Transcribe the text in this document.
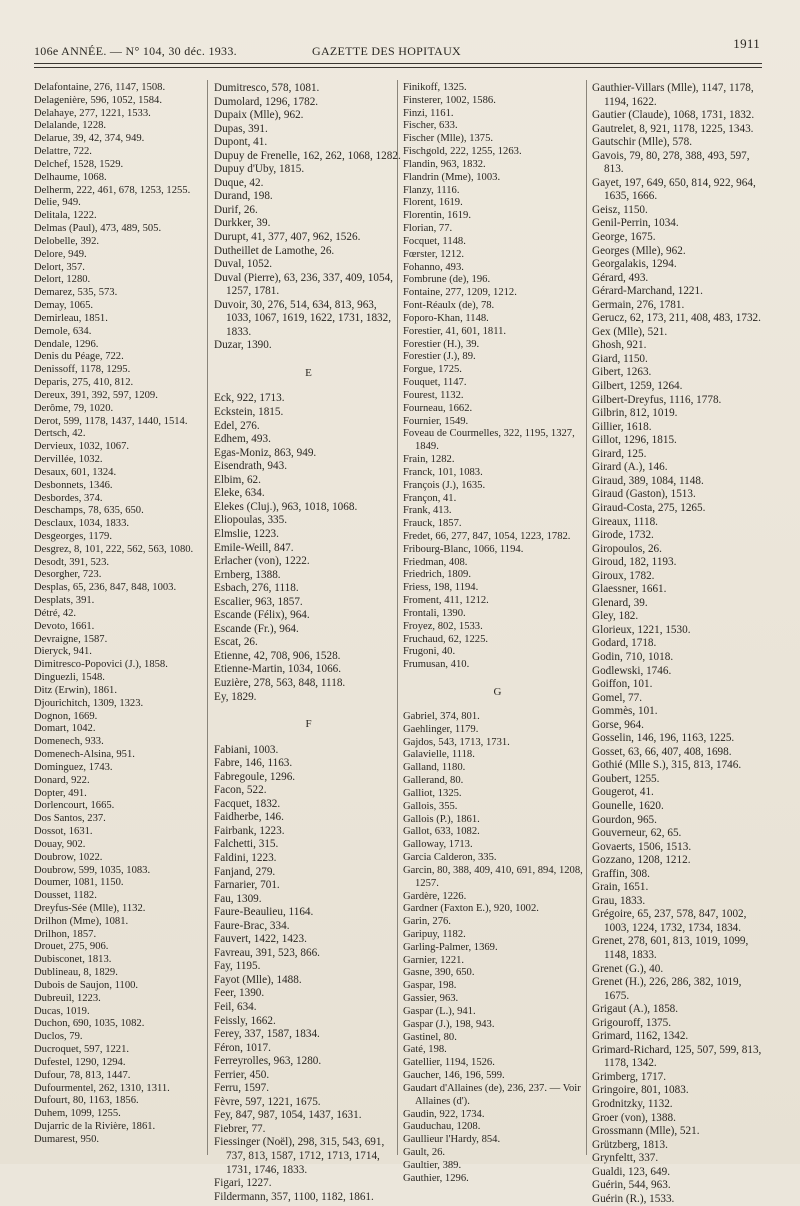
106e ANNÉE. — N° 104, 30 déc. 1933.	GAZETTE DES HOPITAUX	1911
Delafontaine, 276, 1147, 1508.
Delagenière, 596, 1052, 1584.
Delahaye, 277, 1221, 1533.
Delalande, 1228.
Delarue, 39, 42, 374, 949.
Delattre, 722.
Delchef, 1528, 1529.
Delhaume, 1068.
Delherm, 222, 461, 678, 1253, 1255.
Delie, 949.
Delitala, 1222.
Delmas (Paul), 473, 489, 505.
Delobelle, 392.
Delore, 949.
Delort, 357.
Delort, 1280.
Demarez, 535, 573.
Demay, 1065.
Demirleau, 1851.
Demole, 634.
Dendale, 1296.
Denis du Péage, 722.
Denissoff, 1178, 1295.
Deparis, 275, 410, 812.
Dereux, 391, 392, 597, 1209.
Derôme, 79, 1020.
Derot, 599, 1178, 1437, 1440, 1514.
Dertsch, 42.
Dervieux, 1032, 1067.
Dervillée, 1032.
Desaux, 601, 1324.
Desbonnets, 1346.
Desbordes, 374.
Deschamps, 78, 635, 650.
Desclaux, 1034, 1833.
Desgeorges, 1179.
Desgrez, 8, 101, 222, 562, 563, 1080.
Desodt, 391, 523.
Desorgher, 723.
Desplas, 65, 236, 847, 848, 1003.
Desplats, 391.
Détré, 42.
Devoto, 1661.
Devraigne, 1587.
Dieryck, 941.
Dimitresco-Popovici (J.), 1858.
Dinguezli, 1548.
Ditz (Erwin), 1861.
Djourichitch, 1309, 1323.
Dognon, 1669.
Domart, 1042.
Domenech, 933.
Domenech-Alsina, 951.
Dominguez, 1743.
Donard, 922.
Dopter, 491.
Dorlencourt, 1665.
Dos Santos, 237.
Dossot, 1631.
Douay, 902.
Doubrow, 1022.
Doubrow, 599, 1035, 1083.
Doumer, 1081, 1150.
Dousset, 1182.
Dreyfus-Sée (Mlle), 1132.
Drilhon (Mme), 1081.
Drilhon, 1857.
Drouet, 275, 906.
Dubisconet, 1813.
Dublineau, 8, 1829.
Dubois de Saujon, 1100.
Dubreuil, 1223.
Ducas, 1019.
Duchon, 690, 1035, 1082.
Duclos, 79.
Ducroquet, 597, 1221.
Dufestel, 1290, 1294.
Dufour, 78, 813, 1447.
Dufourmentel, 262, 1310, 1311.
Dufourt, 80, 1163, 1856.
Duhem, 1099, 1255.
Dujarric de la Rivière, 1861.
Dumarest, 950.
Dumitresco, 578, 1081.
Dumolard, 1296, 1782.
Dupaix (Mlle), 962.
Dupas, 391.
Dupont, 41.
Dupuy de Frenelle, 162, 262, 1068, 1282.
Dupuy d'Uby, 1815.
Duque, 42.
Durand, 198.
Durif, 26.
Durkker, 39.
Durupt, 41, 377, 407, 962, 1526.
Dutheillet de Lamothe, 26.
Duval, 1052.
Duval (Pierre), 63, 236, 337, 409, 1054, 1257, 1781.
Duvoir, 30, 276, 514, 634, 813, 963, 1033, 1067, 1619, 1622, 1731, 1832, 1833.
Duzar, 1390.
E
Eck, 922, 1713.
Eckstein, 1815.
Edel, 276.
Edhem, 493.
Egas-Moniz, 863, 949.
Eisendrath, 943.
Elbim, 62.
Eleke, 634.
Elekes (Cluj.), 963, 1018, 1068.
Eliopoulas, 335.
Elmslie, 1223.
Emile-Weill, 847.
Erlacher (von), 1222.
Ernberg, 1388.
Esbach, 276, 1118.
Escalier, 963, 1857.
Escande (Félix), 964.
Escande (Fr.), 964.
Escat, 26.
Etienne, 42, 708, 906, 1528.
Etienne-Martin, 1034, 1066.
Euzière, 278, 563, 848, 1118.
Ey, 1829.
F
Fabiani, 1003.
Fabre, 146, 1163.
Fabregoule, 1296.
Facon, 522.
Facquet, 1832.
Faidherbe, 146.
Fairbank, 1223.
Falchetti, 315.
Faldini, 1223.
Fanjand, 279.
Farnarier, 701.
Fau, 1309.
Faure-Beaulieu, 1164.
Faure-Brac, 334.
Fauvert, 1422, 1423.
Favreau, 391, 523, 866.
Fay, 1195.
Fayot (Mlle), 1488.
Feer, 1390.
Feil, 634.
Feissly, 1662.
Ferey, 337, 1587, 1834.
Féron, 1017.
Ferreyrolles, 963, 1280.
Ferrier, 450.
Ferru, 1597.
Fèvre, 597, 1221, 1675.
Fey, 847, 987, 1054, 1437, 1631.
Fiebrer, 77.
Fiessinger (Noël), 298, 315, 543, 691, 737, 813, 1587, 1712, 1713, 1714, 1731, 1746, 1833.
Figari, 1227.
Fildermann, 357, 1100, 1182, 1861.
Finikoff, 1325.
Finsterer, 1002, 1586.
Finzi, 1161.
Fischer, 633.
Fischer (Mlle), 1375.
Fischgold, 222, 1255, 1263.
Flandin, 963, 1832.
Flandrin (Mme), 1003.
Flanzy, 1116.
Florent, 1619.
Florentin, 1619.
Florian, 77.
Focquet, 1148.
Fœrster, 1212.
Fohanno, 493.
Fombrune (de), 196.
Fontaine, 277, 1209, 1212.
Font-Réaulx (de), 78.
Foporo-Khan, 1148.
Forestier, 41, 601, 1811.
Forestier (H.), 39.
Forestier (J.), 89.
Forgue, 1725.
Fouquet, 1147.
Fourest, 1132.
Fourneau, 1662.
Fournier, 1549.
Foveau de Courmelles, 322, 1195, 1327, 1849.
Frain, 1282.
Franck, 101, 1083.
François (J.), 1635.
Françon, 41.
Frank, 413.
Frauck, 1857.
Fredet, 66, 277, 847, 1054, 1223, 1782.
Fribourg-Blanc, 1066, 1194.
Friedman, 408.
Friedrich, 1809.
Friess, 198, 1194.
Froment, 411, 1212.
Frontali, 1390.
Froyez, 802, 1533.
Fruchaud, 62, 1225.
Frugoni, 40.
Frumusan, 410.
G
Gabriel, 374, 801.
Gaehlinger, 1179.
Gajdos, 543, 1713, 1731.
Galavielle, 1118.
Galland, 1180.
Gallerand, 80.
Galliot, 1325.
Gallois, 355.
Gallois (P.), 1861.
Gallot, 633, 1082.
Galloway, 1713.
Garcia Calderon, 335.
Garcin, 80, 388, 409, 410, 691, 894, 1208, 1257.
Gardère, 1226.
Gardner (Faxton E.), 920, 1002.
Garin, 276.
Garipuy, 1182.
Garling-Palmer, 1369.
Garnier, 1221.
Gasne, 390, 650.
Gaspar, 198.
Gassier, 963.
Gaspar (L.), 941.
Gaspar (J.), 198, 943.
Gastinel, 80.
Gaté, 198.
Gatellier, 1194, 1526.
Gaucher, 146, 196, 599.
Gaudart d'Allaines (de), 236, 237. — Voir Allaines (d').
Gaudin, 922, 1734.
Gauduchau, 1208.
Gaullieur l'Hardy, 854.
Gault, 26.
Gaultier, 389.
Gauthier, 1296.
Gauthier-Villars (Mlle), 1147, 1178, 1194, 1622.
Gautier (Claude), 1068, 1731, 1832.
Gautrelet, 8, 921, 1178, 1225, 1343.
Gautschir (Mlle), 578.
Gavois, 79, 80, 278, 388, 493, 597, 813.
Gayet, 197, 649, 650, 814, 922, 964, 1635, 1666.
Geisz, 1150.
Genil-Perrin, 1034.
George, 1675.
Georges (Mlle), 962.
Georgalakis, 1294.
Gérard, 493.
Gérard-Marchand, 1221.
Germain, 276, 1781.
Gerucz, 62, 173, 211, 408, 483, 1732.
Gex (Mlle), 521.
Ghosh, 921.
Giard, 1150.
Gibert, 1263.
Gilbert, 1259, 1264.
Gilbert-Dreyfus, 1116, 1778.
Gilbrin, 812, 1019.
Gillier, 1618.
Gillot, 1296, 1815.
Girard, 125.
Girard (A.), 146.
Giraud, 389, 1084, 1148.
Giraud (Gaston), 1513.
Giraud-Costa, 275, 1265.
Gireaux, 1118.
Girode, 1732.
Giropoulos, 26.
Giroud, 182, 1193.
Giroux, 1782.
Glaessner, 1661.
Glenard, 39.
Gley, 182.
Glorieux, 1221, 1530.
Godard, 1718.
Godin, 710, 1018.
Godlewski, 1746.
Goiffon, 101.
Gomel, 77.
Gommès, 101.
Gorse, 964.
Gosselin, 146, 196, 1163, 1225.
Gosset, 63, 66, 407, 408, 1698.
Gothié (Mlle S.), 315, 813, 1746.
Goubert, 1255.
Gougerot, 41.
Gounelle, 1620.
Gourdon, 965.
Gouverneur, 62, 65.
Govaerts, 1506, 1513.
Gozzano, 1208, 1212.
Graffin, 308.
Grain, 1651.
Grau, 1833.
Grégoire, 65, 237, 578, 847, 1002, 1003, 1224, 1732, 1734, 1834.
Grenet, 278, 601, 813, 1019, 1099, 1148, 1833.
Grenet (G.), 40.
Grenet (H.), 226, 286, 382, 1019, 1675.
Grigaut (A.), 1858.
Grigouroff, 1375.
Grimard, 1162, 1342.
Grimard-Richard, 125, 507, 599, 813, 1178, 1342.
Grimberg, 1717.
Gringoire, 801, 1083.
Grodnitzky, 1132.
Groer (von), 1388.
Grossmann (Mlle), 521.
Grützberg, 1813.
Grynfeltt, 337.
Gualdi, 123, 649.
Guérin, 544, 963.
Guérin (R.), 1533.
